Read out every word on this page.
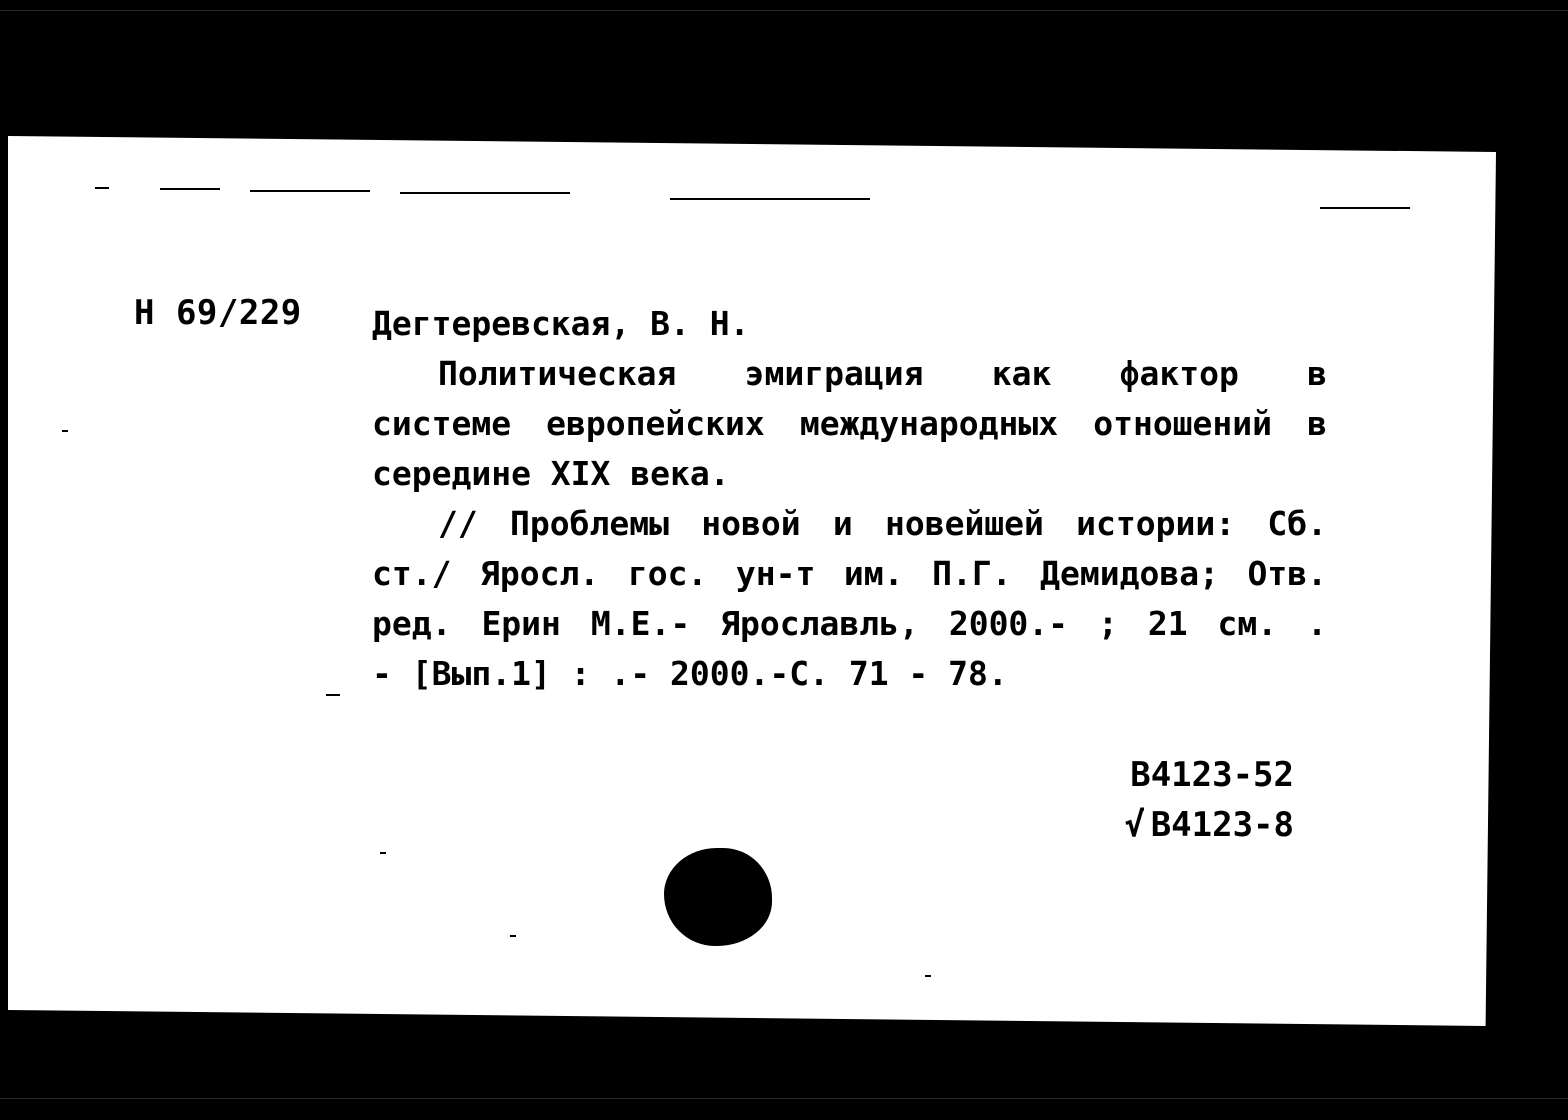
Н 69/229 Дегтеревская, В. Н.
Политическая эмиграция как фактор в
системе европейских международных отношений в
середине XIX века.
// Проблемы новой и новейшей истории: Сб.
ст./ Яросл. гос. ун-т им. П.Г. Демидова; Отв.
ред. Ерин М.Е.- Ярославль, 2000.- ; 21 см. .
- [Вып.1] : .- 2000.-С. 71 - 78.
В4123-52
√ В4123-8
